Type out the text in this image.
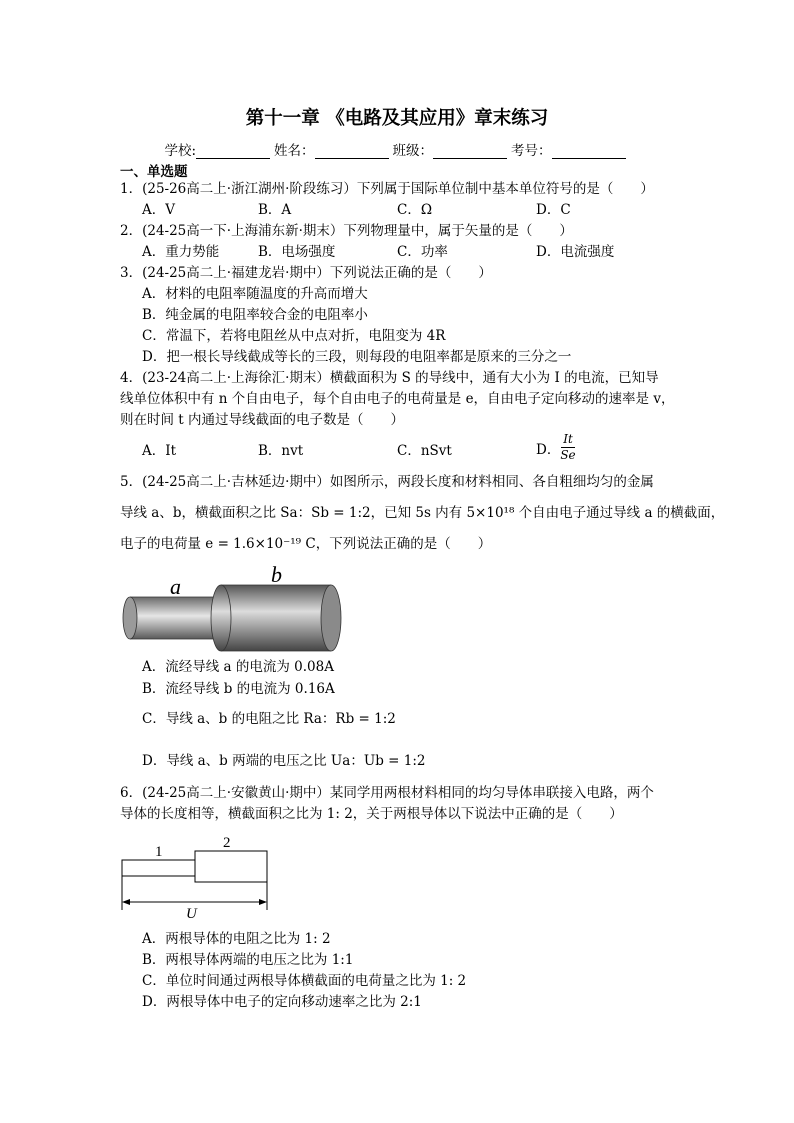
第十一章 《电路及其应用》章末练习
学校:	姓名：	班级：	考号：
一、单选题
1．(25-26高二上·浙江湖州·阶段练习）下列属于国际单位制中基本单位符号的是（　　）
A．V	B．A	C．Ω	D．C
2．(24-25高一下·上海浦东新·期末）下列物理量中，属于矢量的是（　　）
A．重力势能	B．电场强度	C．功率	D．电流强度
3．(24-25高二上·福建龙岩·期中）下列说法正确的是（　　）
A．材料的电阻率随温度的升高而增大
B．纯金属的电阻率较合金的电阻率小
C．常温下，若将电阻丝从中点对折，电阻变为 4R
D．把一根长导线截成等长的三段，则每段的电阻率都是原来的三分之一
4．(23-24高二上·上海徐汇·期末）横截面积为 S 的导线中，通有大小为 I 的电流，已知导
线单位体积中有 n 个自由电子，每个自由电子的电荷量是 e，自由电子定向移动的速率是 v，
则在时间 t 内通过导线截面的电子数是（　　）
A．It	B．nvt	C．nSvt	D． $\frac{It}{Se}$
5．(24-25高二上·吉林延边·期中）如图所示，两段长度和材料相同、各自粗细均匀的金属
导线 a、b，横截面积之比 Sa：Sb = 1:2，已知 5s 内有 5×10¹⁸ 个自由电子通过导线 a 的横截面，
电子的电荷量 e = 1.6×10⁻¹⁹ C，下列说法正确的是（　　）
a	b
A．流经导线 a 的电流为 0.08A
B．流经导线 b 的电流为 0.16A
C．导线 a、b 的电阻之比 Ra：Rb = 1:2
D．导线 a、b 两端的电压之比 Ua：Ub = 1:2
6．(24-25高二上·安徽黄山·期中）某同学用两根材料相同的均匀导体串联接入电路，两个
导体的长度相等，横截面积之比为 1: 2，关于两根导体以下说法中正确的是（　　）
1
2
U
A．两根导体的电阻之比为 1: 2
B．两根导体两端的电压之比为 1:1
C．单位时间通过两根导体横截面的电荷量之比为 1: 2
D．两根导体中电子的定向移动速率之比为 2:1
